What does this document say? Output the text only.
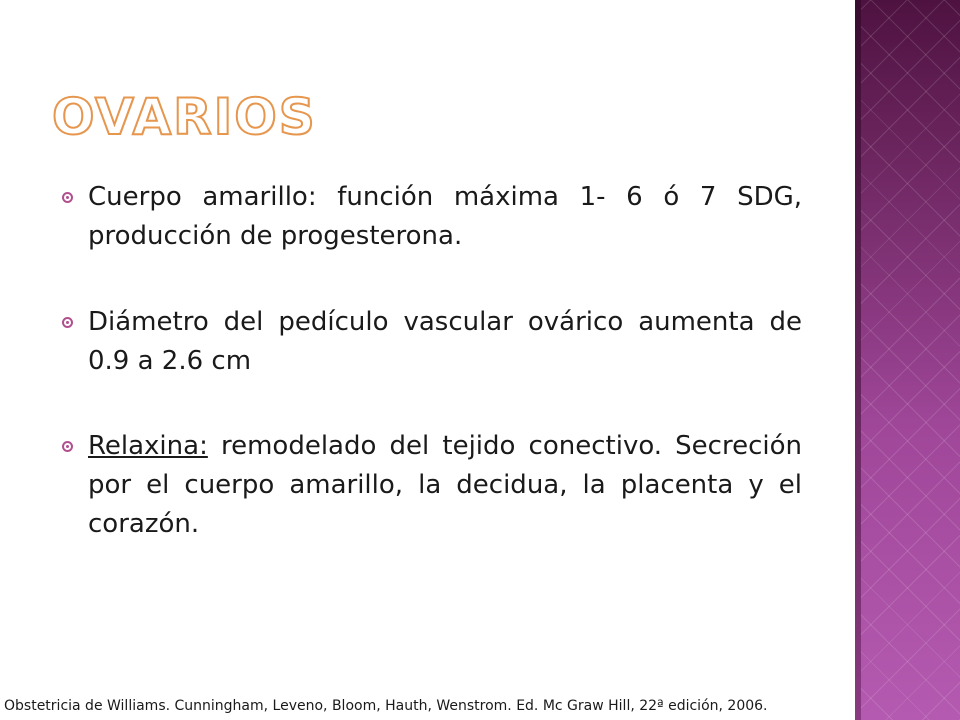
OVARIOS

Cuerpo amarillo: función máxima 1- 6 ó 7 SDG, producción de progesterona.

Diámetro del pedículo vascular ovárico aumenta de 0.9 a 2.6 cm

Relaxina: remodelado del tejido conectivo. Secreción por el cuerpo amarillo, la decidua, la placenta y el corazón.

Obstetricia de Williams. Cunningham, Leveno, Bloom, Hauth, Wenstrom. Ed. Mc Graw Hill, 22ª edición, 2006.
